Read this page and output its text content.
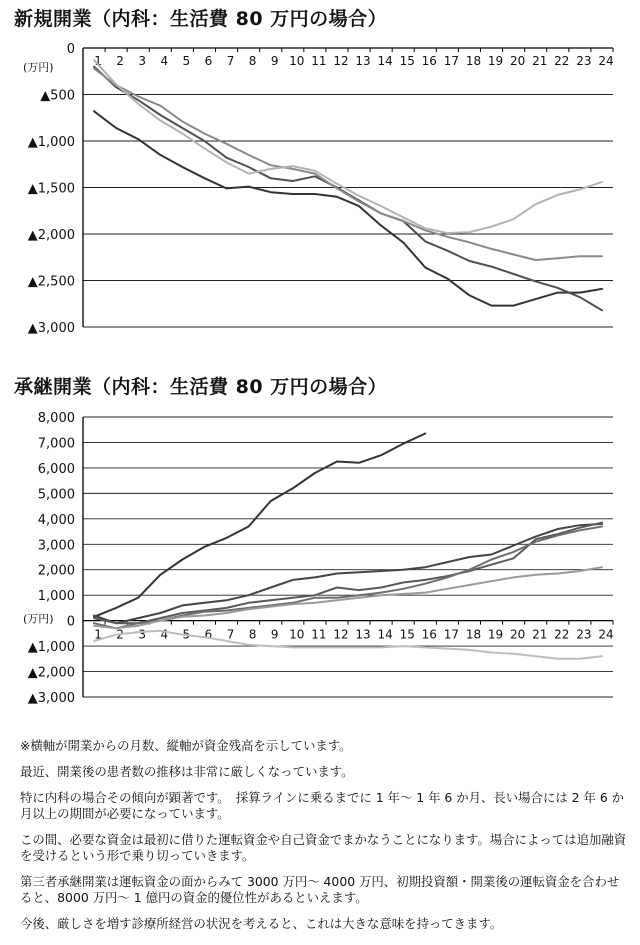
新規開業（内科：生活費 80 万円の場合）
0
▲500
▲1,000
▲1,500
▲2,000
▲2,500
▲3,000
(万円)	1 2 3 4 5 6 7 8 9 10 11 12 13 14 15 16 17 18 19 20 21 22 23 24
承継開業（内科：生活費 80 万円の場合）
8,000
7,000
6,000
5,000
4,000
3,000
2,000
1,000
0
▲1,000
▲2,000
▲3,000
(万円)
1 2 3 4 5 6 7 8 9 10 11 12 13 14 15 16 17 18 19 20 21 22 23 24

※横軸が開業からの月数、縦軸が資金残高を示しています。

最近、開業後の患者数の推移は非常に厳しくなっています。

特に内科の場合その傾向が顕著です。　採算ラインに乗るまでに 1 年〜 1 年 6 か月、長い場合には 2 年 6 か月以上の期間が必要になっています。

この間、必要な資金は最初に借りた運転資金や自己資金でまかなうことになります。場合によっては追加融資を受けるという形で乗り切っていきます。

第三者承継開業は運転資金の面からみて 3000 万円〜 4000 万円、初期投資額・開業後の運転資金を合わせると、8000 万円〜 1 億円の資金的優位性があるといえます。

今後、厳しさを増す診療所経営の状況を考えると、これは大きな意味を持ってきます。
